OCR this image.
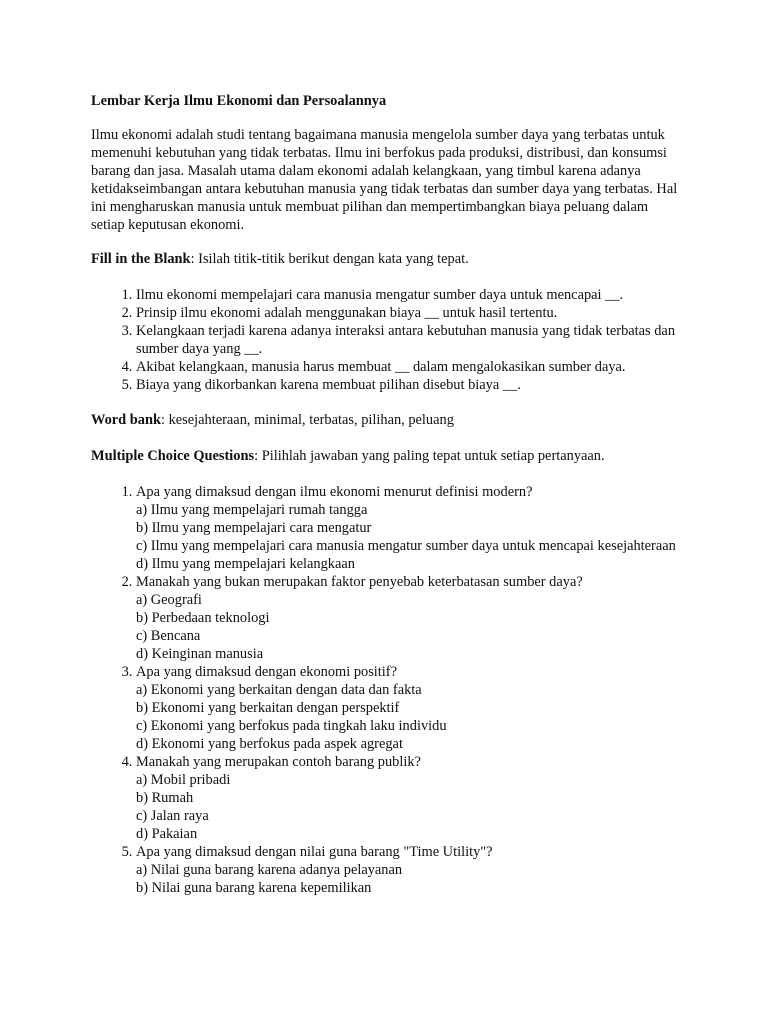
Lembar Kerja Ilmu Ekonomi dan Persoalannya

Ilmu ekonomi adalah studi tentang bagaimana manusia mengelola sumber daya yang terbatas untuk memenuhi kebutuhan yang tidak terbatas. Ilmu ini berfokus pada produksi, distribusi, dan konsumsi barang dan jasa. Masalah utama dalam ekonomi adalah kelangkaan, yang timbul karena adanya ketidakseimbangan antara kebutuhan manusia yang tidak terbatas dan sumber daya yang terbatas. Hal ini mengharuskan manusia untuk membuat pilihan dan mempertimbangkan biaya peluang dalam setiap keputusan ekonomi.

Fill in the Blank: Isilah titik-titik berikut dengan kata yang tepat.

1. Ilmu ekonomi mempelajari cara manusia mengatur sumber daya untuk mencapai __.
2. Prinsip ilmu ekonomi adalah menggunakan biaya __ untuk hasil tertentu.
3. Kelangkaan terjadi karena adanya interaksi antara kebutuhan manusia yang tidak terbatas dan sumber daya yang __.
4. Akibat kelangkaan, manusia harus membuat __ dalam mengalokasikan sumber daya.
5. Biaya yang dikorbankan karena membuat pilihan disebut biaya __.

Word bank: kesejahteraan, minimal, terbatas, pilihan, peluang

Multiple Choice Questions: Pilihlah jawaban yang paling tepat untuk setiap pertanyaan.

1. Apa yang dimaksud dengan ilmu ekonomi menurut definisi modern?
a) Ilmu yang mempelajari rumah tangga
b) Ilmu yang mempelajari cara mengatur
c) Ilmu yang mempelajari cara manusia mengatur sumber daya untuk mencapai kesejahteraan
d) Ilmu yang mempelajari kelangkaan
2. Manakah yang bukan merupakan faktor penyebab keterbatasan sumber daya?
a) Geografi
b) Perbedaan teknologi
c) Bencana
d) Keinginan manusia
3. Apa yang dimaksud dengan ekonomi positif?
a) Ekonomi yang berkaitan dengan data dan fakta
b) Ekonomi yang berkaitan dengan perspektif
c) Ekonomi yang berfokus pada tingkah laku individu
d) Ekonomi yang berfokus pada aspek agregat
4. Manakah yang merupakan contoh barang publik?
a) Mobil pribadi
b) Rumah
c) Jalan raya
d) Pakaian
5. Apa yang dimaksud dengan nilai guna barang "Time Utility"?
a) Nilai guna barang karena adanya pelayanan
b) Nilai guna barang karena kepemilikan
